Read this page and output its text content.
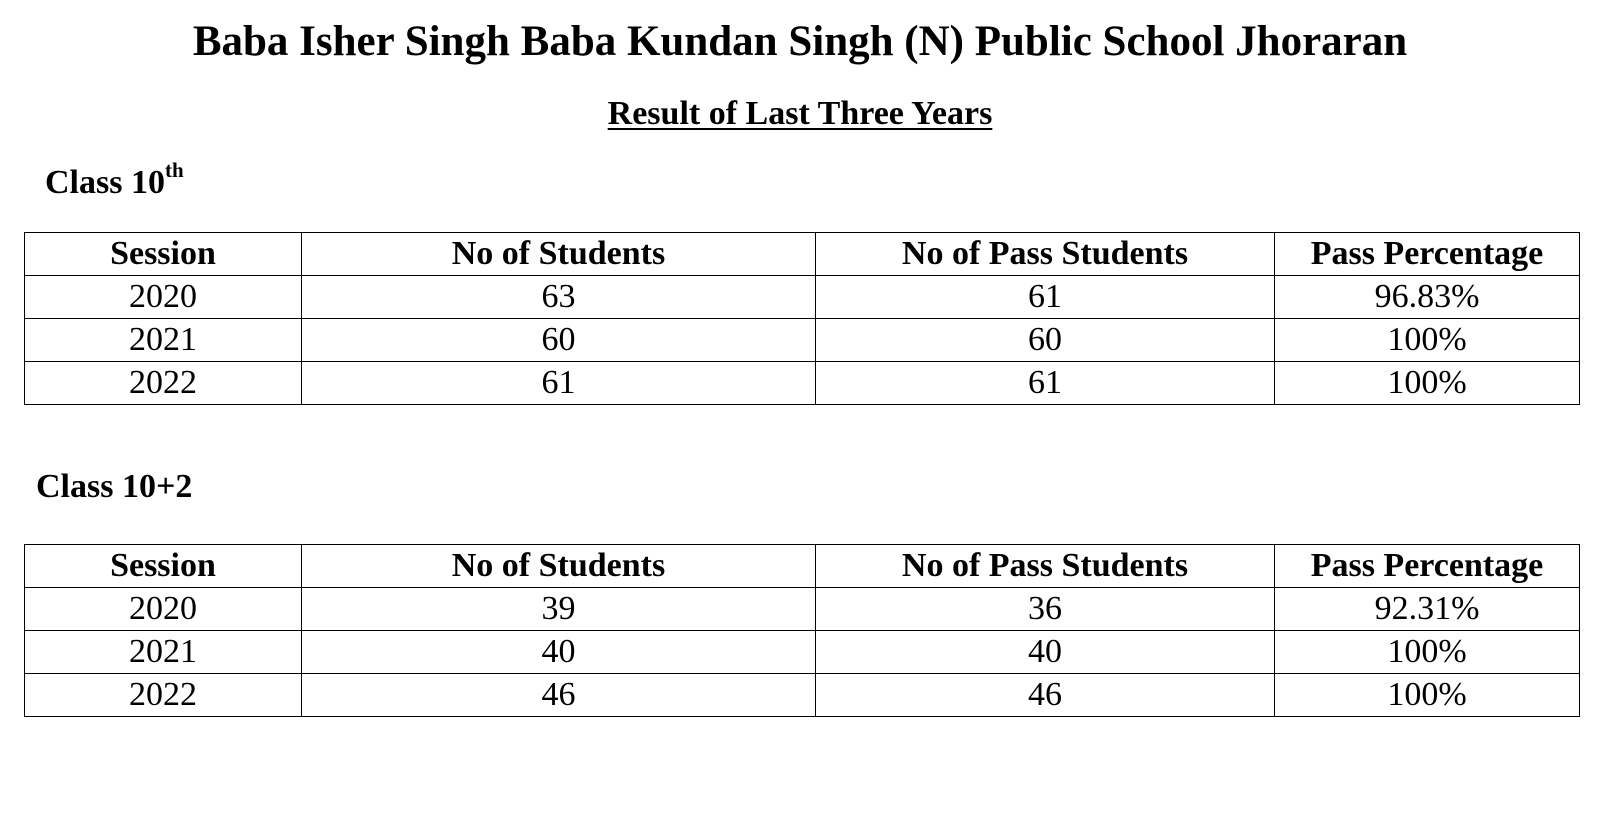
Baba Isher Singh Baba Kundan Singh (N) Public School Jhoraran
Result of Last Three Years
Class 10th
Session	No of Students	No of Pass Students	Pass Percentage
2020	63	61	96.83%
2021	60	60	100%
2022	61	61	100%
Class 10+2
Session	No of Students	No of Pass Students	Pass Percentage
2020	39	36	92.31%
2021	40	40	100%
2022	46	46	100%
